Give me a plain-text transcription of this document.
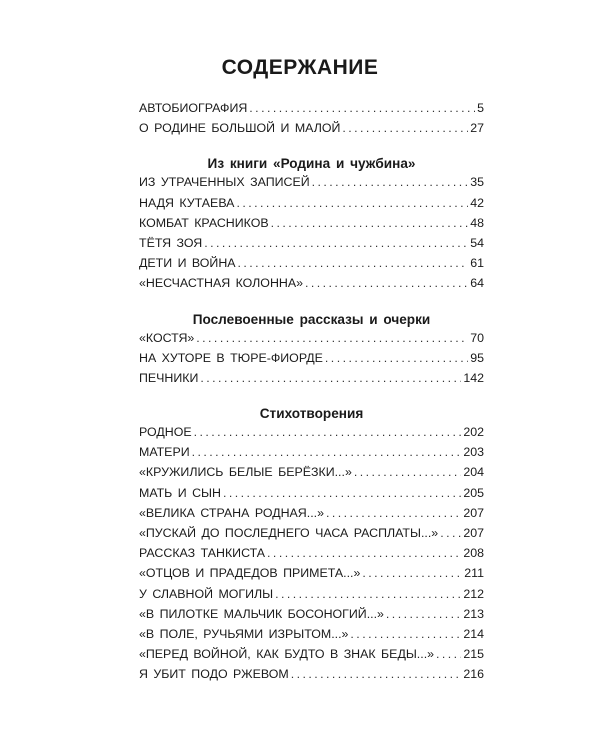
СОДЕРЖАНИЕ
АВТОБИОГРАФИЯ . . .	5
О РОДИНЕ БОЛЬШОЙ И МАЛОЙ . . .	27
Из книги «Родина и чужбина»
ИЗ УТРАЧЕННЫХ ЗАПИСЕЙ . . .	35
НАДЯ КУТАЕВА . . .	42
КОМБАТ КРАСНИКОВ . . .	48
ТЁТЯ ЗОЯ . . .	54
ДЕТИ И ВОЙНА . . .	61
«НЕСЧАСТНАЯ КОЛОННА» . . .	64
Послевоенные рассказы и очерки
«КОСТЯ» . . .	70
НА ХУТОРЕ В ТЮРЕ-ФИОРДЕ . . .	95
ПЕЧНИКИ . . .	142
Стихотворения
РОДНОЕ . . .	202
МАТЕРИ . . .	203
«КРУЖИЛИСЬ БЕЛЫЕ БЕРЁЗКИ...» . . .	204
МАТЬ И СЫН . . .	205
«ВЕЛИКА СТРАНА РОДНАЯ...» . . .	207
«ПУСКАЙ ДО ПОСЛЕДНЕГО ЧАСА РАСПЛАТЫ...» . . . 207
РАССКАЗ ТАНКИСТА . . .	208
«ОТЦОВ И ПРАДЕДОВ ПРИМЕТА...» . . .	211
У СЛАВНОЙ МОГИЛЫ . . .	212
«В ПИЛОТКЕ МАЛЬЧИК БОСОНОГИЙ...» . . .	213
«В ПОЛЕ, РУЧЬЯМИ ИЗРЫТОМ...» . . .	214
«ПЕРЕД ВОЙНОЙ, КАК БУДТО В ЗНАК БЕДЫ...» . . . 215
Я УБИТ ПОДО РЖЕВОМ . . .	216
